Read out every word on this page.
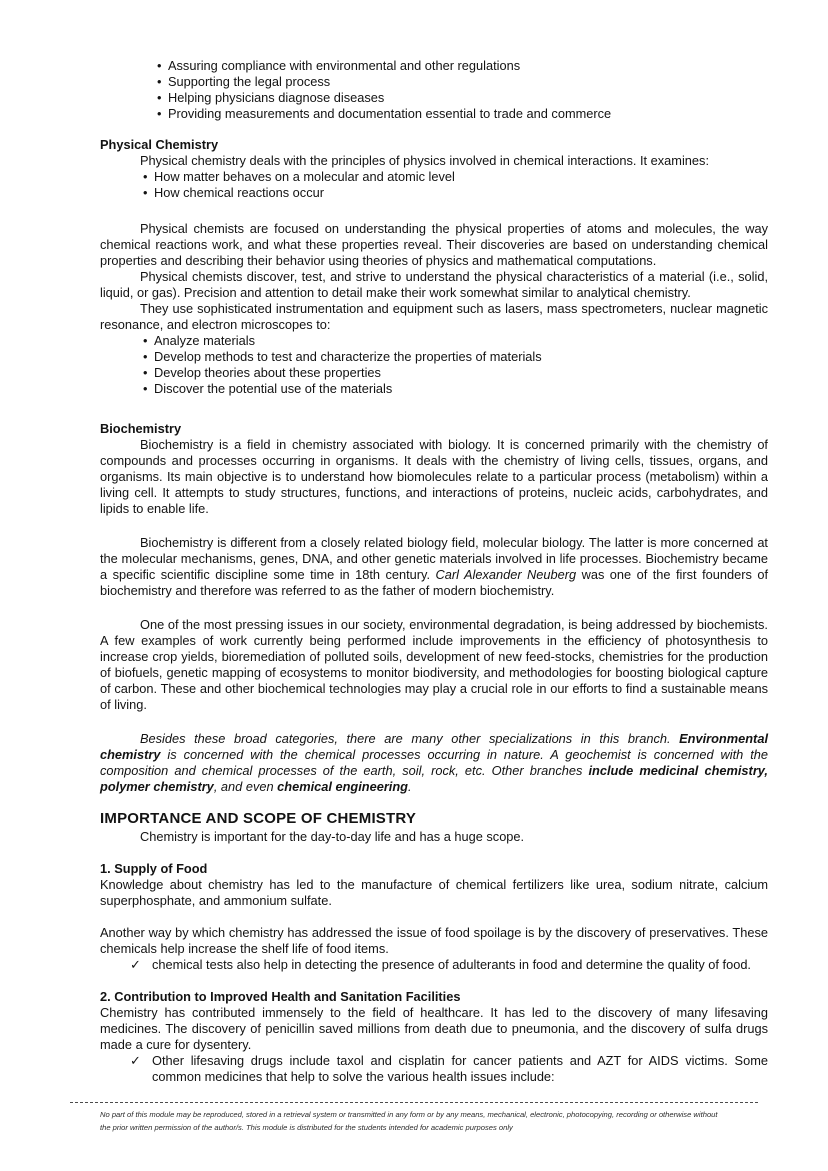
• Assuring compliance with environmental and other regulations
• Supporting the legal process
• Helping physicians diagnose diseases
• Providing measurements and documentation essential to trade and commerce
Physical Chemistry

Physical chemistry deals with the principles of physics involved in chemical interactions. It examines:

• How matter behaves on a molecular and atomic level
• How chemical reactions occur

Physical chemists are focused on understanding the physical properties of atoms and molecules, the way chemical reactions work, and what these properties reveal. Their discoveries are based on understanding chemical properties and describing their behavior using theories of physics and mathematical computations.

Physical chemists discover, test, and strive to understand the physical characteristics of a material (i.e., solid, liquid, or gas). Precision and attention to detail make their work somewhat similar to analytical chemistry.

They use sophisticated instrumentation and equipment such as lasers, mass spectrometers, nuclear magnetic resonance, and electron microscopes to:

• Analyze materials
• Develop methods to test and characterize the properties of materials
• Develop theories about these properties
• Discover the potential use of the materials
Biochemistry

Biochemistry is a field in chemistry associated with biology. It is concerned primarily with the chemistry of compounds and processes occurring in organisms. It deals with the chemistry of living cells, tissues, organs, and organisms. Its main objective is to understand how biomolecules relate to a particular process (metabolism) within a living cell. It attempts to study structures, functions, and interactions of proteins, nucleic acids, carbohydrates, and lipids to enable life.

Biochemistry is different from a closely related biology field, molecular biology. The latter is more concerned at the molecular mechanisms, genes, DNA, and other genetic materials involved in life processes. Biochemistry became a specific scientific discipline some time in 18th century. Carl Alexander Neuberg was one of the first founders of biochemistry and therefore was referred to as the father of modern biochemistry.

One of the most pressing issues in our society, environmental degradation, is being addressed by biochemists. A few examples of work currently being performed include improvements in the efficiency of photosynthesis to increase crop yields, bioremediation of polluted soils, development of new feed-stocks, chemistries for the production of biofuels, genetic mapping of ecosystems to monitor biodiversity, and methodologies for boosting biological capture of carbon. These and other biochemical technologies may play a crucial role in our efforts to find a sustainable means of living.

Besides these broad categories, there are many other specializations in this branch. Environmental chemistry is concerned with the chemical processes occurring in nature. A geochemist is concerned with the composition and chemical processes of the earth, soil, rock, etc. Other branches include medicinal chemistry, polymer chemistry, and even chemical engineering.

IMPORTANCE AND SCOPE OF CHEMISTRY

Chemistry is important for the day-to-day life and has a huge scope.

1. Supply of Food

Knowledge about chemistry has led to the manufacture of chemical fertilizers like urea, sodium nitrate, calcium superphosphate, and ammonium sulfate.

Another way by which chemistry has addressed the issue of food spoilage is by the discovery of preservatives. These chemicals help increase the shelf life of food items.

✓ chemical tests also help in detecting the presence of adulterants in food and determine the quality of food.
2. Contribution to Improved Health and Sanitation Facilities

Chemistry has contributed immensely to the field of healthcare. It has led to the discovery of many lifesaving medicines. The discovery of penicillin saved millions from death due to pneumonia, and the discovery of sulfa drugs made a cure for dysentery.

✓ Other lifesaving drugs include taxol and cisplatin for cancer patients and AZT for AIDS victims. Some common medicines that help to solve the various health issues include:
No part of this module may be reproduced, stored in a retrieval system or transmitted in any form or by any means, mechanical, electronic, photocopying, recording or otherwise without
the prior written permission of the author/s. This module is distributed for the students intended for academic purposes only
